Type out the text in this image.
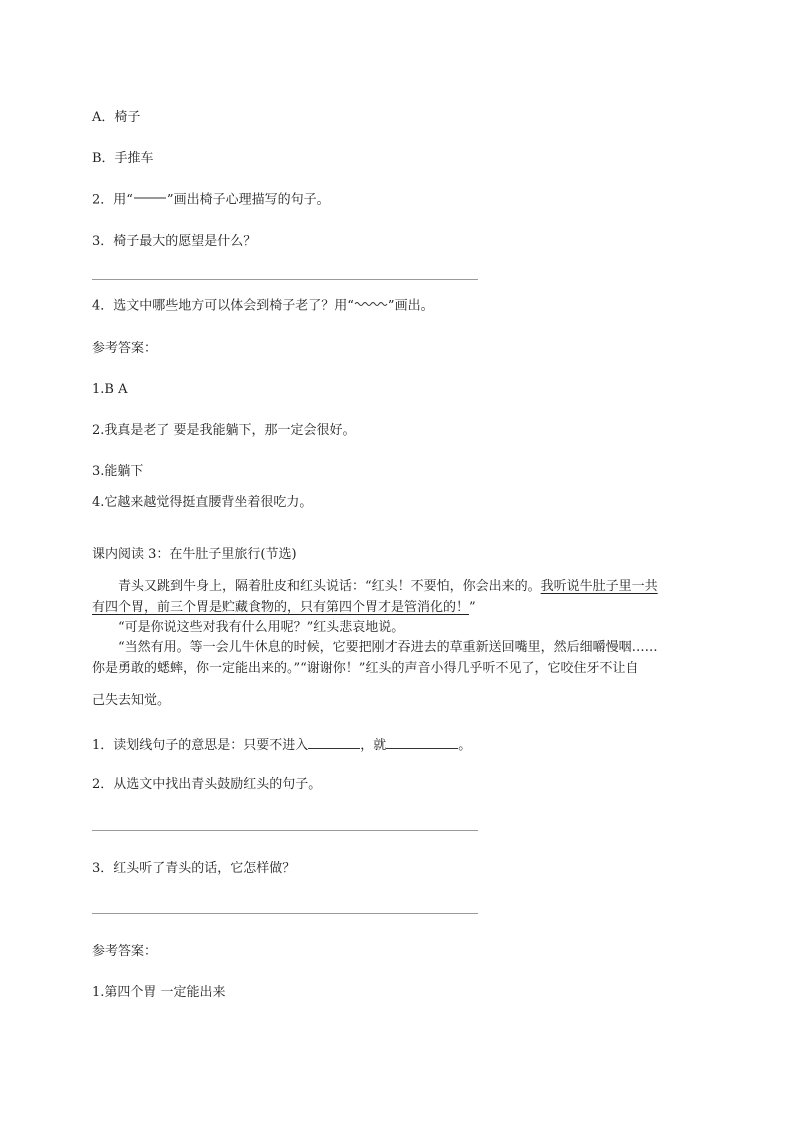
A．椅子
B．手推车
2．用“	”画出椅子心理描写的句子。
3．椅子最大的愿望是什么？
4．选文中哪些地方可以体会到椅子老了？用“	”画出。
参考答案：
1.B A
2.我真是老了 要是我能躺下，那一定会很好。
3.能躺下
4.它越来越觉得挺直腰背坐着很吃力。
课内阅读 3：在牛肚子里旅行(节选)
青头又跳到牛身上，隔着肚皮和红头说话：“红头！不要怕，你会出来的。我听说牛肚子里一共
有四个胃，前三个胃是贮藏食物的，只有第四个胃才是管消化的！”
“可是你说这些对我有什么用呢？”红头悲哀地说。
“当然有用。等一会儿牛休息的时候，它要把刚才吞进去的草重新送回嘴里，然后细嚼慢咽……
你是勇敢的蟋蟀，你一定能出来的。”“谢谢你！”红头的声音小得几乎听不见了，它咬住牙不让自
己失去知觉。
1．读划线句子的意思是：只要不进入	，就	。
2．从选文中找出青头鼓励红头的句子。
3．红头听了青头的话，它怎样做？
参考答案：
1.第四个胃 一定能出来
